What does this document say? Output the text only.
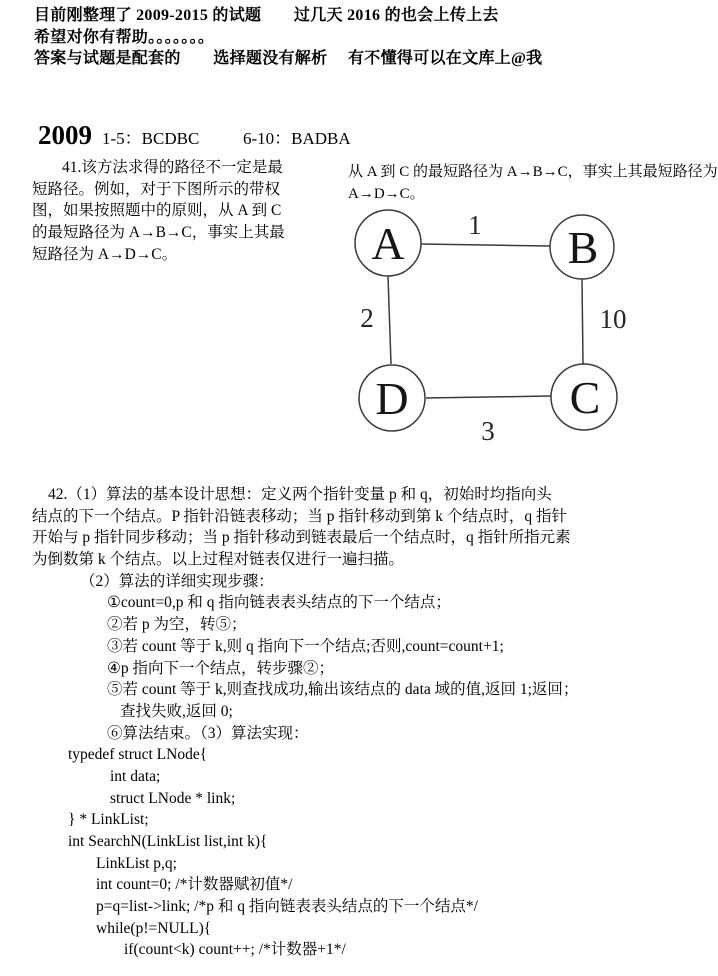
目前刚整理了 2009-2015 的试题　　过几天 2016 的也会上传上去
希望对你有帮助。。。。。。。
答案与试题是配套的　　选择题没有解析　 有不懂得可以在文库上@我
2009 1-5：BCDBC	6-10：BADBA
41.该方法求得的路径不一定是最
短路径。例如，对于下图所示的带权
图，如果按照题中的原则，从 A 到 C
的最短路径为 A→B→C，事实上其最
短路径为 A→D→C。
从 A 到 C 的最短路径为 A→B→C，事实上其最短路径为
A→D→C。
A	B
D	C
1
2	10
3
42.（1）算法的基本设计思想：定义两个指针变量 p 和 q，初始时均指向头
结点的下一个结点。P 指针沿链表移动；当 p 指针移动到第 k 个结点时，q 指针
开始与 p 指针同步移动；当 p 指针移动到链表最后一个结点时，q 指针所指元素
为倒数第 k 个结点。以上过程对链表仅进行一遍扫描。
（2）算法的详细实现步骤：
①count=0,p 和 q 指向链表表头结点的下一个结点；
②若 p 为空，转⑤；
③若 count 等于 k,则 q 指向下一个结点;否则,count=count+1;
④p 指向下一个结点，转步骤②；
⑤若 count 等于 k,则查找成功,输出该结点的 data 域的值,返回 1;返回；
查找失败,返回 0;
⑥算法结束。（3）算法实现：
typedef struct LNode{
int data;
struct LNode * link;
} * LinkList;
int SearchN(LinkList list,int k){
LinkList p,q;
int count=0; /*计数器赋初值*/
p=q=list->link; /*p 和 q 指向链表表头结点的下一个结点*/
while(p!=NULL){
if(count<k) count++; /*计数器+1*/
